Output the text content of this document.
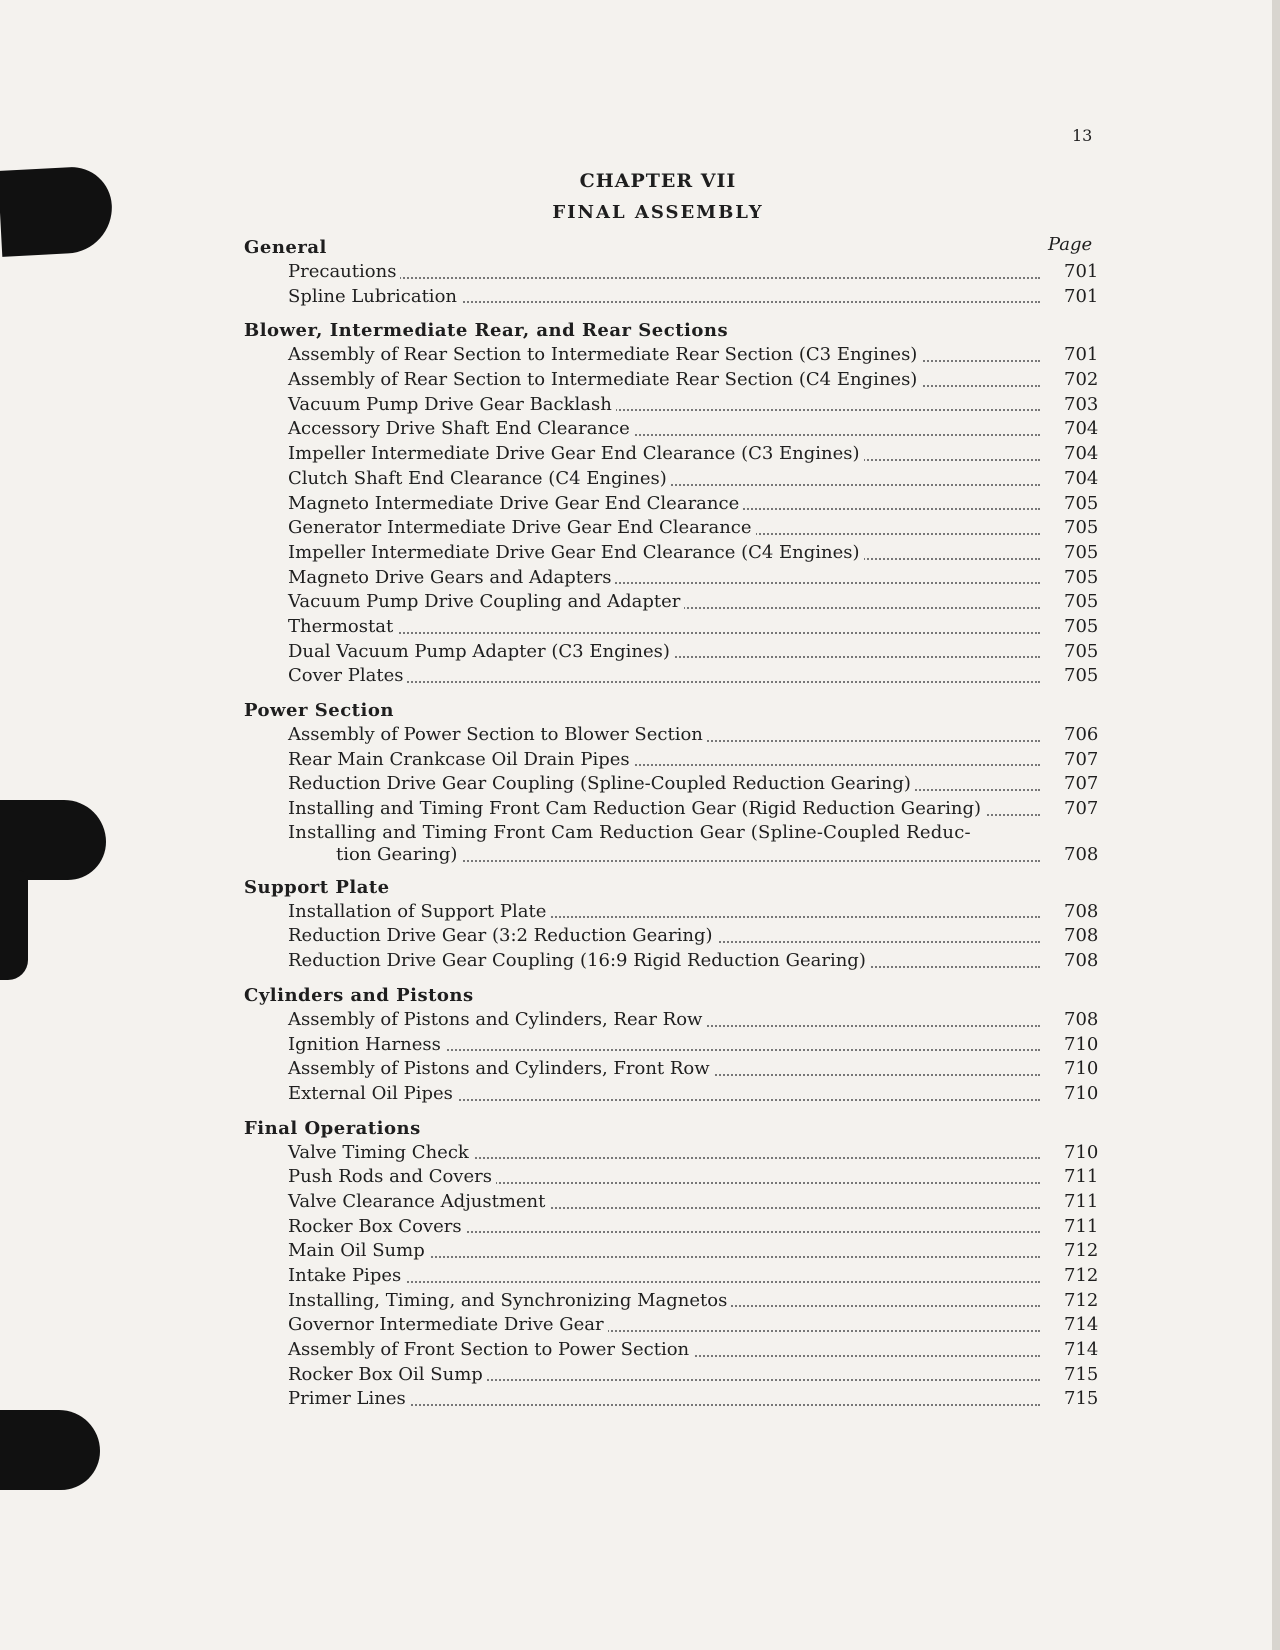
13
CHAPTER VII
FINAL ASSEMBLY
Page
General
Precautions	701
Spline Lubrication	701
Blower, Intermediate Rear, and Rear Sections
Assembly of Rear Section to Intermediate Rear Section (C3 Engines)	701
Assembly of Rear Section to Intermediate Rear Section (C4 Engines)	702
Vacuum Pump Drive Gear Backlash	703
Accessory Drive Shaft End Clearance	704
Impeller Intermediate Drive Gear End Clearance (C3 Engines)	704
Clutch Shaft End Clearance (C4 Engines)	704
Magneto Intermediate Drive Gear End Clearance	705
Generator Intermediate Drive Gear End Clearance	705
Impeller Intermediate Drive Gear End Clearance (C4 Engines)	705
Magneto Drive Gears and Adapters	705
Vacuum Pump Drive Coupling and Adapter	705
Thermostat	705
Dual Vacuum Pump Adapter (C3 Engines)	705
Cover Plates	705
Power Section
Assembly of Power Section to Blower Section	706
Rear Main Crankcase Oil Drain Pipes	707
Reduction Drive Gear Coupling (Spline-Coupled Reduction Gearing)	707
Installing and Timing Front Cam Reduction Gear (Rigid Reduction Gearing)	707
Installing and Timing Front Cam Reduction Gear (Spline-Coupled Reduc-
tion Gearing)	708
Support Plate
Installation of Support Plate	708
Reduction Drive Gear (3:2 Reduction Gearing)	708
Reduction Drive Gear Coupling (16:9 Rigid Reduction Gearing)	708
Cylinders and Pistons
Assembly of Pistons and Cylinders, Rear Row	708
Ignition Harness	710
Assembly of Pistons and Cylinders, Front Row	710
External Oil Pipes	710
Final Operations
Valve Timing Check	710
Push Rods and Covers	711
Valve Clearance Adjustment	711
Rocker Box Covers	711
Main Oil Sump	712
Intake Pipes	712
Installing, Timing, and Synchronizing Magnetos	712
Governor Intermediate Drive Gear	714
Assembly of Front Section to Power Section	714
Rocker Box Oil Sump	715
Primer Lines	715
